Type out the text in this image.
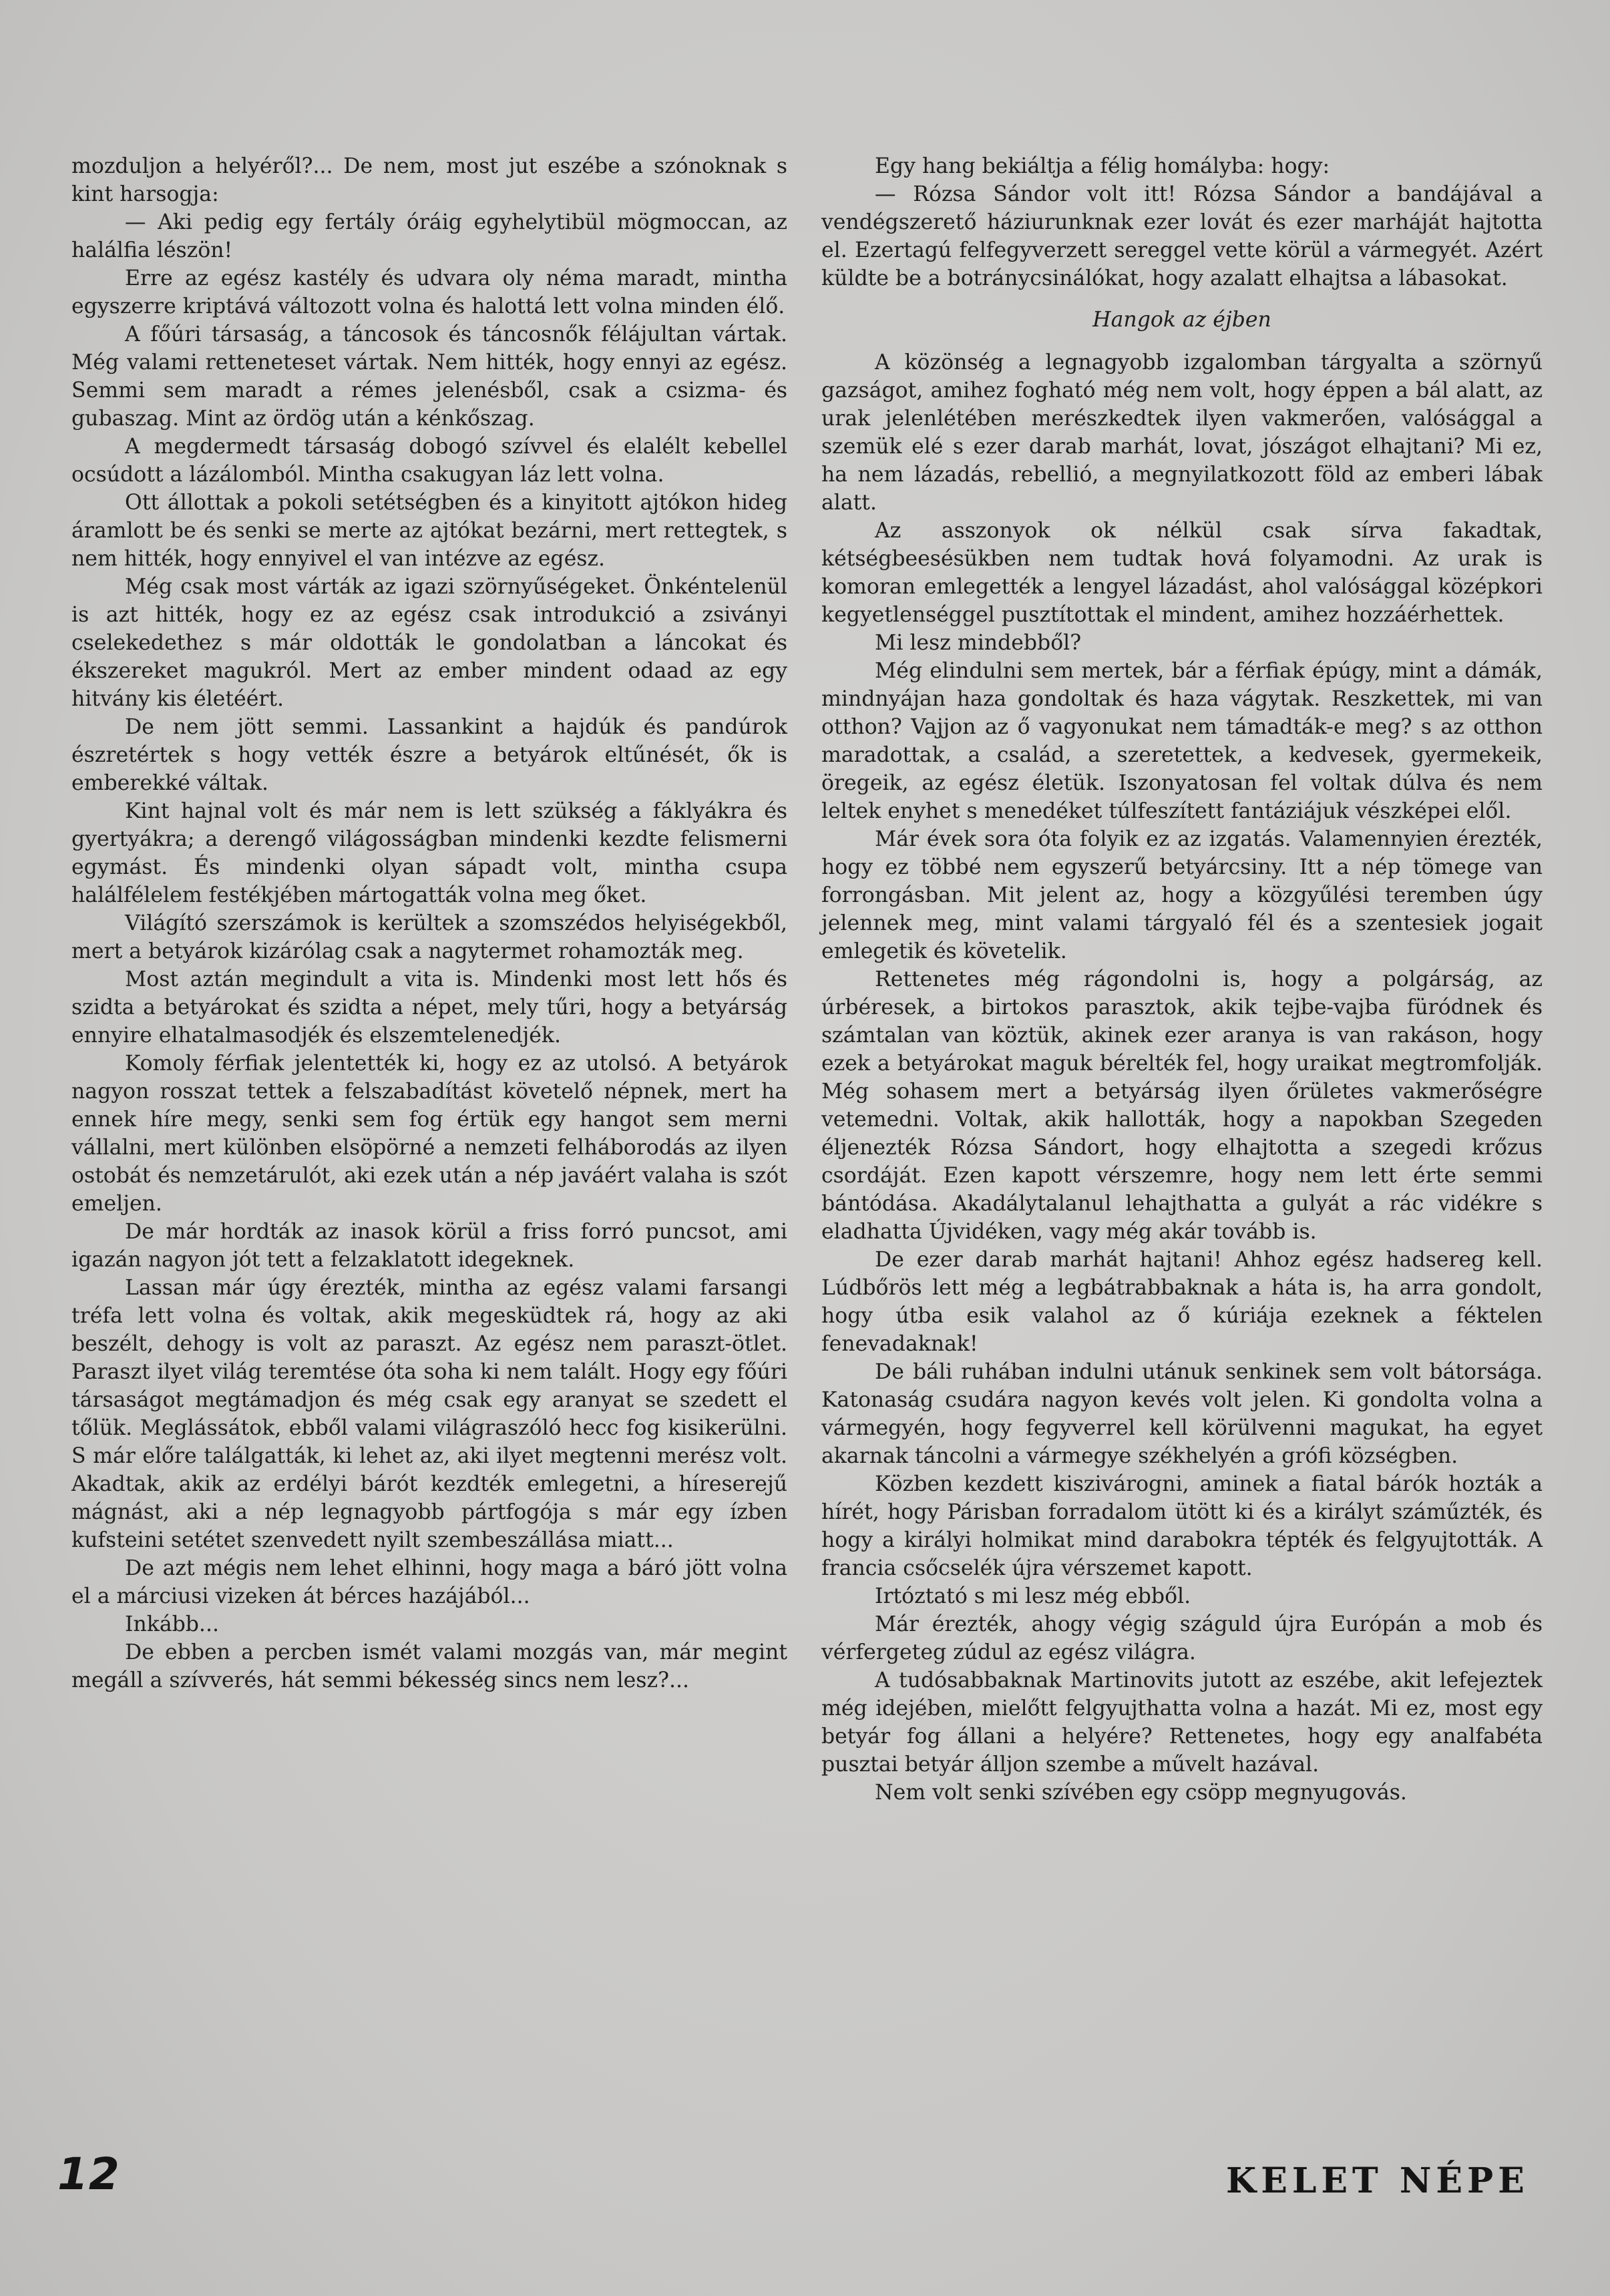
mozduljon a helyéről?... De nem, most jut eszébe a szónoknak s kint harsogja:

— Aki pedig egy fertály óráig egyhelytibül mögmoccan, az halálfia lészön!

Erre az egész kastély és udvara oly néma maradt, mintha egyszerre kriptává változott volna és halottá lett volna minden élő.

A főúri társaság, a táncosok és táncosnők félájultan vártak. Még valami retteneteset vártak. Nem hitték, hogy ennyi az egész. Semmi sem maradt a rémes jelenésből, csak a csizma- és gubaszag. Mint az ördög után a kénkőszag.

A megdermedt társaság dobogó szívvel és elalélt kebellel ocsúdott a lázálomból. Mintha csakugyan láz lett volna.

Ott állottak a pokoli setétségben és a kinyitott ajtókon hideg áramlott be és senki se merte az ajtókat bezárni, mert rettegtek, s nem hitték, hogy ennyivel el van intézve az egész.

Még csak most várták az igazi szörnyűségeket. Önkéntelenül is azt hitték, hogy ez az egész csak introdukció a zsiványi cselekedethez s már oldották le gondolatban a láncokat és ékszereket magukról. Mert az ember mindent odaad az egy hitvány kis életéért.

De nem jött semmi. Lassankint a hajdúk és pandúrok észretértek s hogy vették észre a betyárok eltűnését, ők is emberekké váltak.

Kint hajnal volt és már nem is lett szükség a fáklyákra és gyertyákra; a derengő világosságban mindenki kezdte felismerni egymást. És mindenki olyan sápadt volt, mintha csupa halálfélelem festékjében mártogatták volna meg őket.

Világító szerszámok is kerültek a szomszédos helyiségekből, mert a betyárok kizárólag csak a nagytermet rohamozták meg.

Most aztán megindult a vita is. Mindenki most lett hős és szidta a betyárokat és szidta a népet, mely tűri, hogy a betyárság ennyire elhatalmasodjék és elszemtelenedjék.

Komoly férfiak jelentették ki, hogy ez az utolsó. A betyárok nagyon rosszat tettek a felszabadítást követelő népnek, mert ha ennek híre megy, senki sem fog értük egy hangot sem merni vállalni, mert különben elsöpörné a nemzeti felháborodás az ilyen ostobát és nemzetárulót, aki ezek után a nép javáért valaha is szót emeljen.

De már hordták az inasok körül a friss forró puncsot, ami igazán nagyon jót tett a felzaklatott idegeknek.

Lassan már úgy érezték, mintha az egész valami farsangi tréfa lett volna és voltak, akik megesküdtek rá, hogy az aki beszélt, dehogy is volt az paraszt. Az egész nem paraszt-ötlet. Paraszt ilyet világ teremtése óta soha ki nem talált. Hogy egy főúri társaságot megtámadjon és még csak egy aranyat se szedett el tőlük. Meglássátok, ebből valami világraszóló hecc fog kisikerülni. S már előre találgatták, ki lehet az, aki ilyet megtenni merész volt. Akadtak, akik az erdélyi bárót kezdték emlegetni, a híreserejű mágnást, aki a nép legnagyobb pártfogója s már egy ízben kufsteini setétet szenvedett nyilt szembeszállása miatt...

De azt mégis nem lehet elhinni, hogy maga a báró jött volna el a márciusi vizeken át bérces hazájából...

Inkább...

De ebben a percben ismét valami mozgás van, már megint megáll a szívverés, hát semmi békesség sincs nem lesz?...

Egy hang bekiáltja a félig homályba: hogy:

— Rózsa Sándor volt itt! Rózsa Sándor a bandájával a vendégszerető háziurunknak ezer lovát és ezer marháját hajtotta el. Ezertagú felfegyverzett sereggel vette körül a vármegyét. Azért küldte be a botránycsinálókat, hogy azalatt elhajtsa a lábasokat.

Hangok az éjben

A közönség a legnagyobb izgalomban tárgyalta a szörnyű gazságot, amihez fogható még nem volt, hogy éppen a bál alatt, az urak jelenlétében merészkedtek ilyen vakmerően, valósággal a szemük elé s ezer darab marhát, lovat, jószágot elhajtani? Mi ez, ha nem lázadás, rebellió, a megnyilatkozott föld az emberi lábak alatt.

Az asszonyok ok nélkül csak sírva fakadtak, kétségbeesésükben nem tudtak hová folyamodni. Az urak is komoran emlegették a lengyel lázadást, ahol valósággal középkori kegyetlenséggel pusztítottak el mindent, amihez hozzáérhettek.

Mi lesz mindebből?

Még elindulni sem mertek, bár a férfiak épúgy, mint a dámák, mindnyájan haza gondoltak és haza vágytak. Reszkettek, mi van otthon? Vajjon az ő vagyonukat nem támadták-e meg? s az otthon maradottak, a család, a szeretettek, a kedvesek, gyermekeik, öregeik, az egész életük. Iszonyatosan fel voltak dúlva és nem leltek enyhet s menedéket túlfeszített fantáziájuk vészképei elől.

Már évek sora óta folyik ez az izgatás. Valamennyien érezték, hogy ez többé nem egyszerű betyárcsiny. Itt a nép tömege van forrongásban. Mit jelent az, hogy a közgyűlési teremben úgy jelennek meg, mint valami tárgyaló fél és a szentesiek jogait emlegetik és követelik.

Rettenetes még rágondolni is, hogy a polgárság, az úrbéresek, a birtokos parasztok, akik tejbe-vajba füródnek és számtalan van köztük, akinek ezer aranya is van rakáson, hogy ezek a betyárokat maguk bérelték fel, hogy uraikat megtromfolják. Még sohasem mert a betyárság ilyen őrületes vakmerőségre vetemedni. Voltak, akik hallották, hogy a napokban Szegeden éljenezték Rózsa Sándort, hogy elhajtotta a szegedi krőzus csordáját. Ezen kapott vérszemre, hogy nem lett érte semmi bántódása. Akadálytalanul lehajthatta a gulyát a rác vidékre s eladhatta Újvidéken, vagy még akár tovább is.

De ezer darab marhát hajtani! Ahhoz egész hadsereg kell. Lúdbőrös lett még a legbátrabbaknak a háta is, ha arra gondolt, hogy útba esik valahol az ő kúriája ezeknek a féktelen fenevadaknak!

De báli ruhában indulni utánuk senkinek sem volt bátorsága. Katonaság csudára nagyon kevés volt jelen. Ki gondolta volna a vármegyén, hogy fegyverrel kell körülvenni magukat, ha egyet akarnak táncolni a vármegye székhelyén a grófi községben.

Közben kezdett kiszivárogni, aminek a fiatal bárók hozták a hírét, hogy Párisban forradalom ütött ki és a királyt száműzték, és hogy a királyi holmikat mind darabokra tépték és felgyujtották. A francia csőcselék újra vérszemet kapott.

Irtóztató s mi lesz még ebből.

Már érezték, ahogy végig száguld újra Európán a mob és vérfergeteg zúdul az egész világra.

A tudósabbaknak Martinovits jutott az eszébe, akit lefejeztek még idejében, mielőtt felgyujthatta volna a hazát. Mi ez, most egy betyár fog állani a helyére? Rettenetes, hogy egy analfabéta pusztai betyár álljon szembe a művelt hazával.

Nem volt senki szívében egy csöpp megnyugovás.

12	KELET NÉPE
